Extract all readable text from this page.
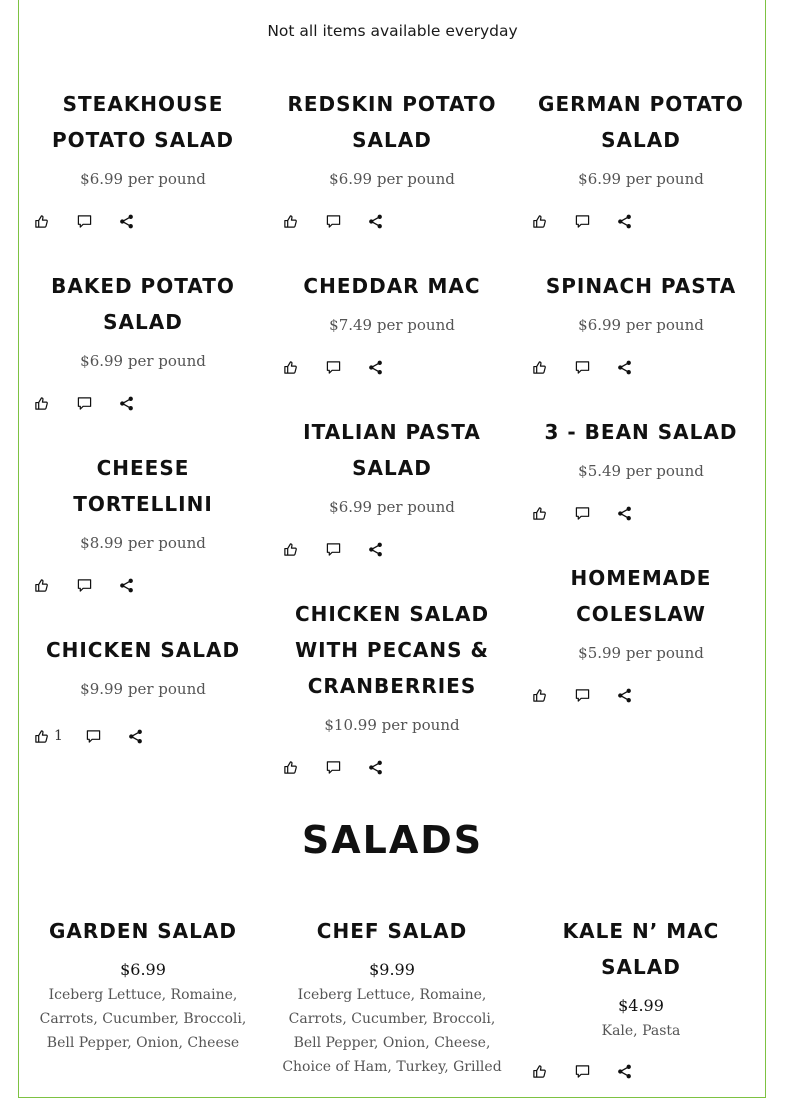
Not all items available everyday
STEAKHOUSE POTATO SALAD
$6.99 per pound
REDSKIN POTATO SALAD
$6.99 per pound
GERMAN POTATO SALAD
$6.99 per pound
BAKED POTATO SALAD
$6.99 per pound
CHEDDAR MAC
$7.49 per pound
SPINACH PASTA
$6.99 per pound
CHEESE TORTELLINI
$8.99 per pound
ITALIAN PASTA SALAD
$6.99 per pound
3 - BEAN SALAD
$5.49 per pound
CHICKEN SALAD
$9.99 per pound
CHICKEN SALAD WITH PECANS & CRANBERRIES
$10.99 per pound
HOMEMADE COLESLAW
$5.99 per pound
SALADS
GARDEN SALAD
$6.99
Iceberg Lettuce, Romaine, Carrots, Cucumber, Broccoli, Bell Pepper, Onion, Cheese
CHEF SALAD
$9.99
Iceberg Lettuce, Romaine, Carrots, Cucumber, Broccoli, Bell Pepper, Onion, Cheese, Choice of Ham, Turkey, Grilled
KALE N’ MAC SALAD
$4.99
Kale, Pasta
1
